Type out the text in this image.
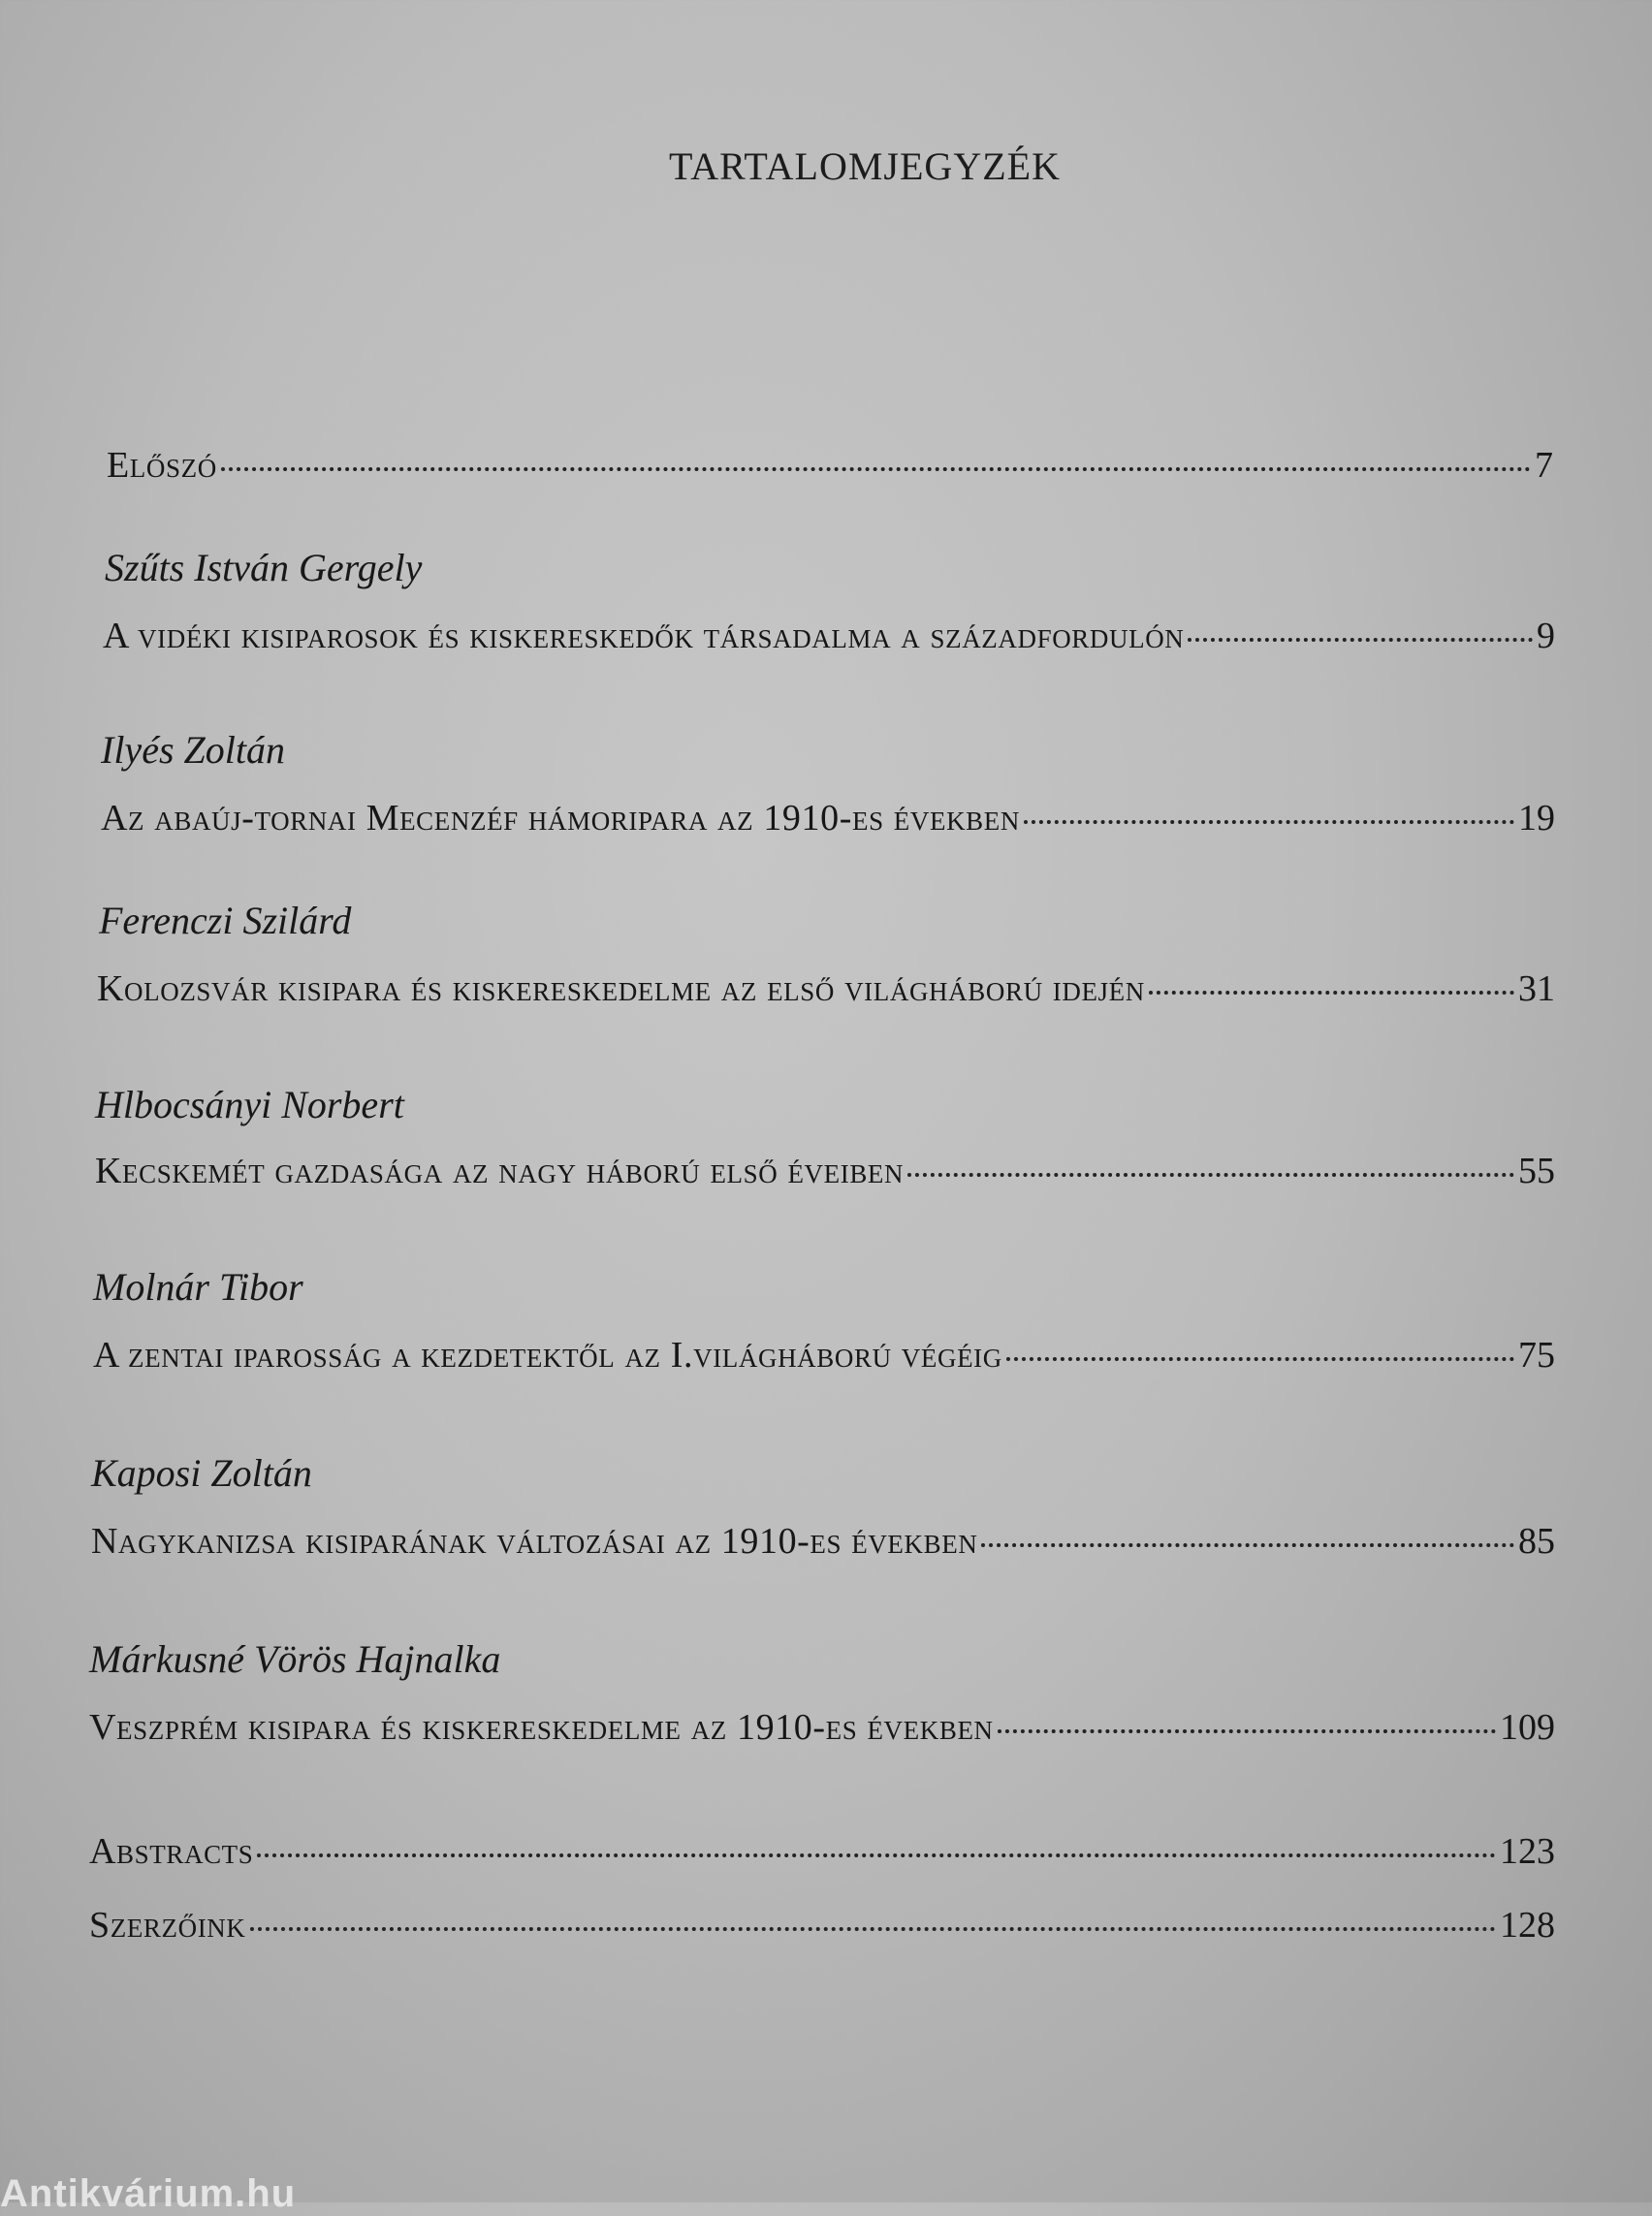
TARTALOMJEGYZÉK
Előszó	7
Szűts István Gergely
A vidéki kisiparosok és kiskereskedők társadalma a századfordulón	9
Ilyés Zoltán
Az abaúj-tornai Mecenzéf hámoripara az 1910-es években	19
Ferenczi Szilárd
Kolozsvár kisipara és kiskereskedelme az első világháború idején	31
Hlbocsányi Norbert
Kecskemét gazdasága az nagy háború első éveiben	55
Molnár Tibor
A zentai iparosság a kezdetektől az I.világháború végéig	75
Kaposi Zoltán
Nagykanizsa kisiparának változásai az 1910-es években	85
Márkusné Vörös Hajnalka
Veszprém kisipara és kiskereskedelme az 1910-es években	109
Abstracts	123
Szerzőink	128
Antikvárium.hu
